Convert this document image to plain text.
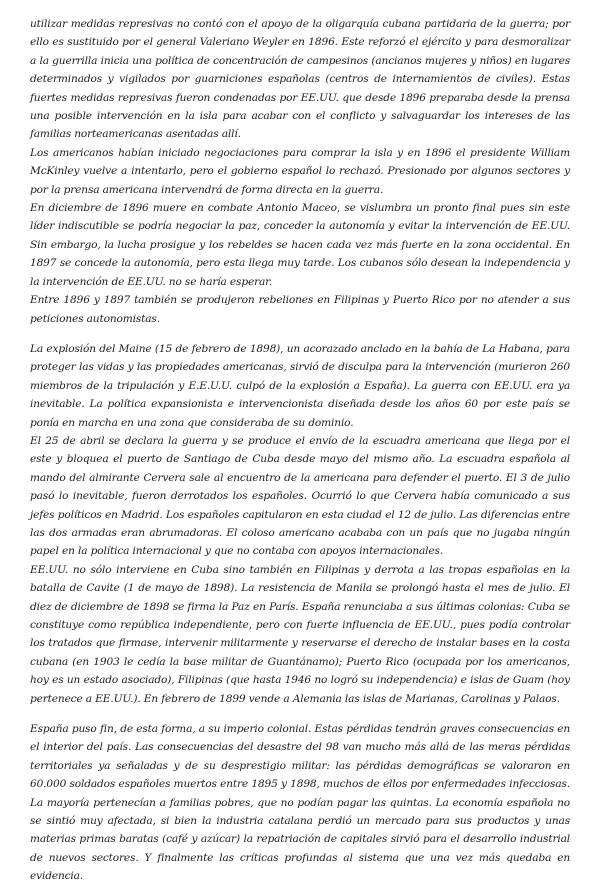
utilizar medidas represivas no contó con el apoyo de la oligarquía cubana partidaria de la guerra; por ello es sustituido por el general Valeriano Weyler en 1896. Este reforzó el ejército y para desmoralizar a la guerrilla inicia una política de concentración de campesinos (ancianos mujeres y niños) en lugares determinados y vigilados por guarniciones españolas (centros de internamientos de civiles). Estas fuertes medidas represivas fueron condenadas por EE.UU. que desde 1896 preparaba desde la prensa una posible intervención en la isla para acabar con el conflicto y salvaguardar los intereses de las familias norteamericanas asentadas allí.

Los americanos habían iniciado negociaciones para comprar la isla y en 1896 el presidente William McKinley vuelve a intentarlo, pero el gobierno español lo rechazó. Presionado por algunos sectores y por la prensa americana intervendrá de forma directa en la guerra.

En diciembre de 1896 muere en combate Antonio Maceo, se vislumbra un pronto final pues sin este líder indiscutible se podría negociar la paz, conceder la autonomía y evitar la intervención de EE.UU. Sin embargo, la lucha prosigue y los rebeldes se hacen cada vez más fuerte en la zona occidental. En 1897 se concede la autonomía, pero esta llega muy tarde. Los cubanos sólo desean la independencia y la intervención de EE.UU. no se haría esperar.

Entre 1896 y 1897 también se produjeron rebeliones en Filipinas y Puerto Rico por no atender a sus peticiones autonomistas.

La explosión del Maine (15 de febrero de 1898), un acorazado anclado en la bahía de La Habana, para proteger las vidas y las propiedades americanas, sirvió de disculpa para la intervención (murieron 260 miembros de la tripulación y E.E.U.U. culpó de la explosión a España). La guerra con EE.UU. era ya inevitable. La política expansionista e intervencionista diseñada desde los años 60 por este país se ponía en marcha en una zona que consideraba de su dominio.

El 25 de abril se declara la guerra y se produce el envío de la escuadra americana que llega por el este y bloquea el puerto de Santiago de Cuba desde mayo del mismo año. La escuadra española al mando del almirante Cervera sale al encuentro de la americana para defender el puerto. El 3 de julio pasó lo inevitable, fueron derrotados los españoles. Ocurrió lo que Cervera había comunicado a sus jefes políticos en Madrid. Los españoles capitularon en esta ciudad el 12 de julio. Las diferencias entre las dos armadas eran abrumadoras. El coloso americano acababa con un país que no jugaba ningún papel en la política internacional y que no contaba con apoyos internacionales.

EE.UU. no sólo interviene en Cuba sino también en Filipinas y derrota a las tropas españolas en la batalla de Cavite (1 de mayo de 1898). La resistencia de Manila se prolongó hasta el mes de julio. El diez de diciembre de 1898 se firma la Paz en París. España renunciaba a sus últimas colonias: Cuba se constituye como república independiente, pero con fuerte influencia de EE.UU., pues podía controlar los tratados que firmase, intervenir militarmente y reservarse el derecho de instalar bases en la costa cubana (en 1903 le cedía la base militar de Guantánamo); Puerto Rico (ocupada por los americanos, hoy es un estado asociado), Filipinas (que hasta 1946 no logró su independencia) e islas de Guam (hoy pertenece a EE.UU.). En febrero de 1899 vende a Alemania las islas de Marianas, Carolinas y Palaos.

España puso fin, de esta forma, a su imperio colonial. Estas pérdidas tendrán graves consecuencias en el interior del país. Las consecuencias del desastre del 98 van mucho más allá de las meras pérdidas territoriales ya señaladas y de su desprestigio militar: las pérdidas demográficas se valoraron en 60.000 soldados españoles muertos entre 1895 y 1898, muchos de ellos por enfermedades infecciosas. La mayoría pertenecían a familias pobres, que no podían pagar las quintas. La economía española no se sintió muy afectada, si bien la industria catalana perdió un mercado para sus productos y unas materias primas baratas (café y azúcar) la repatriación de capitales sirvió para el desarrollo industrial de nuevos sectores. Y finalmente las críticas profundas al sistema que una vez más quedaba en evidencia.
